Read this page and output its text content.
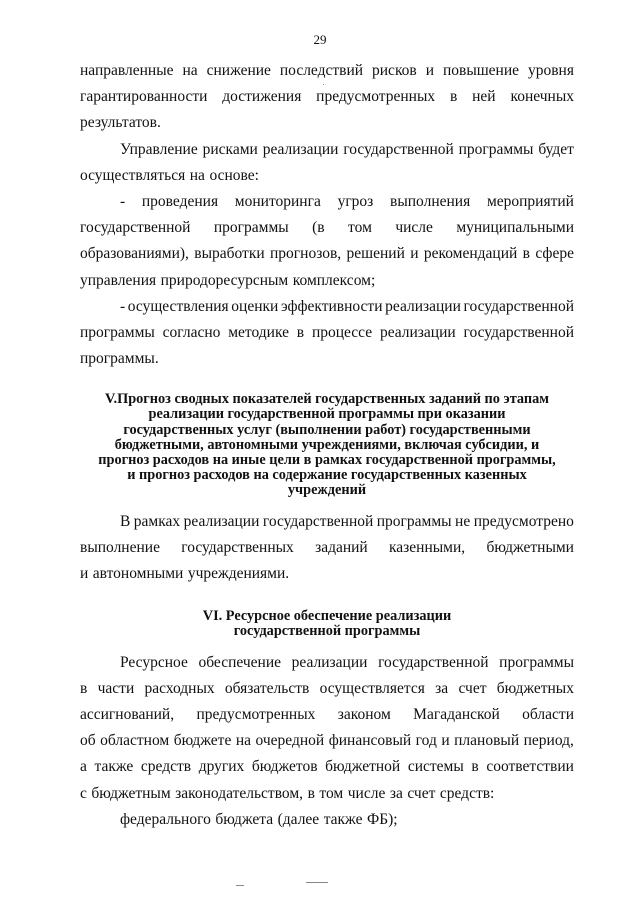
29
направленные на снижение последствий рисков и повышение уровня
гарантированности достижения предусмотренных в ней конечных
результатов.
Управление рисками реализации государственной программы будет
осуществляться на основе:
- проведения мониторинга угроз выполнения мероприятий
государственной программы (в том числе муниципальными
образованиями), выработки прогнозов, решений и рекомендаций в сфере
управления природоресурсным комплексом;
- осуществления оценки эффективности реализации государственной
программы согласно методике в процессе реализации государственной
программы.
V.Прогноз сводных показателей государственных заданий по этапам
реализации государственной программы при оказании
государственных услуг (выполнении работ) государственными
бюджетными, автономными учреждениями, включая субсидии, и
прогноз расходов на иные цели в рамках государственной программы,
и прогноз расходов на содержание государственных казенных
учреждений
В рамках реализации государственной программы не предусмотрено
выполнение государственных заданий казенными, бюджетными
и автономными учреждениями.
VI. Ресурсное обеспечение реализации
государственной программы
Ресурсное обеспечение реализации государственной программы
в части расходных обязательств осуществляется за счет бюджетных
ассигнований, предусмотренных законом Магаданской области
об областном бюджете на очередной финансовый год и плановый период,
а также средств других бюджетов бюджетной системы в соответствии
с бюджетным законодательством, в том числе за счет средств:
федерального бюджета (далее также ФБ);
